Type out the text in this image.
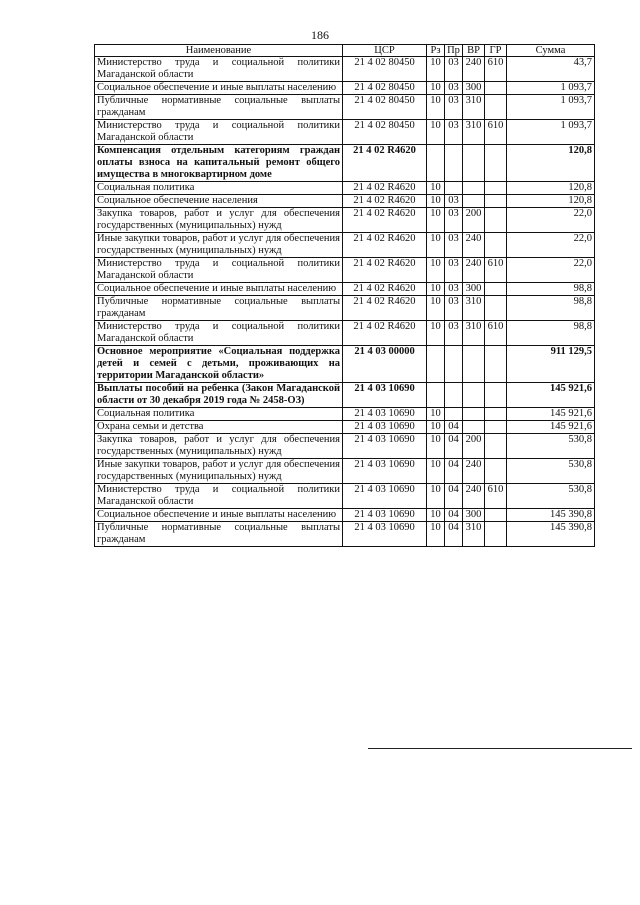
186
Наименование	ЦСР	Рз	Пр	ВР	ГР	Сумма
Министерство труда и социальной политики Магаданской области	21 4 02 80450	10	03	240	610	43,7
Социальное обеспечение и иные выплаты населению	21 4 02 80450	10	03	300		1 093,7
Публичные нормативные социальные выплаты гражданам	21 4 02 80450	10	03	310		1 093,7
Министерство труда и социальной политики Магаданской области	21 4 02 80450	10	03	310	610	1 093,7
Компенсация отдельным категориям граждан оплаты взноса на капитальный ремонт общего имущества в многоквартирном доме	21 4 02 R4620					120,8
Социальная политика	21 4 02 R4620	10				120,8
Социальное обеспечение населения	21 4 02 R4620	10	03			120,8
Закупка товаров, работ и услуг для обеспечения государственных (муниципальных) нужд	21 4 02 R4620	10	03	200		22,0
Иные закупки товаров, работ и услуг для обеспечения государственных (муниципальных) нужд	21 4 02 R4620	10	03	240		22,0
Министерство труда и социальной политики Магаданской области	21 4 02 R4620	10	03	240	610	22,0
Социальное обеспечение и иные выплаты населению	21 4 02 R4620	10	03	300		98,8
Публичные нормативные социальные выплаты гражданам	21 4 02 R4620	10	03	310		98,8
Министерство труда и социальной политики Магаданской области	21 4 02 R4620	10	03	310	610	98,8
Основное мероприятие «Социальная поддержка детей и семей с детьми, проживающих на территории Магаданской области»	21 4 03 00000					911 129,5
Выплаты пособий на ребенка (Закон Магаданской области от 30 декабря 2019 года № 2458-ОЗ)	21 4 03 10690					145 921,6
Социальная политика	21 4 03 10690	10				145 921,6
Охрана семьи и детства	21 4 03 10690	10	04			145 921,6
Закупка товаров, работ и услуг для обеспечения государственных (муниципальных) нужд	21 4 03 10690	10	04	200		530,8
Иные закупки товаров, работ и услуг для обеспечения государственных (муниципальных) нужд	21 4 03 10690	10	04	240		530,8
Министерство труда и социальной политики Магаданской области	21 4 03 10690	10	04	240	610	530,8
Социальное обеспечение и иные выплаты населению	21 4 03 10690	10	04	300		145 390,8
Публичные нормативные социальные выплаты гражданам	21 4 03 10690	10	04	310		145 390,8
